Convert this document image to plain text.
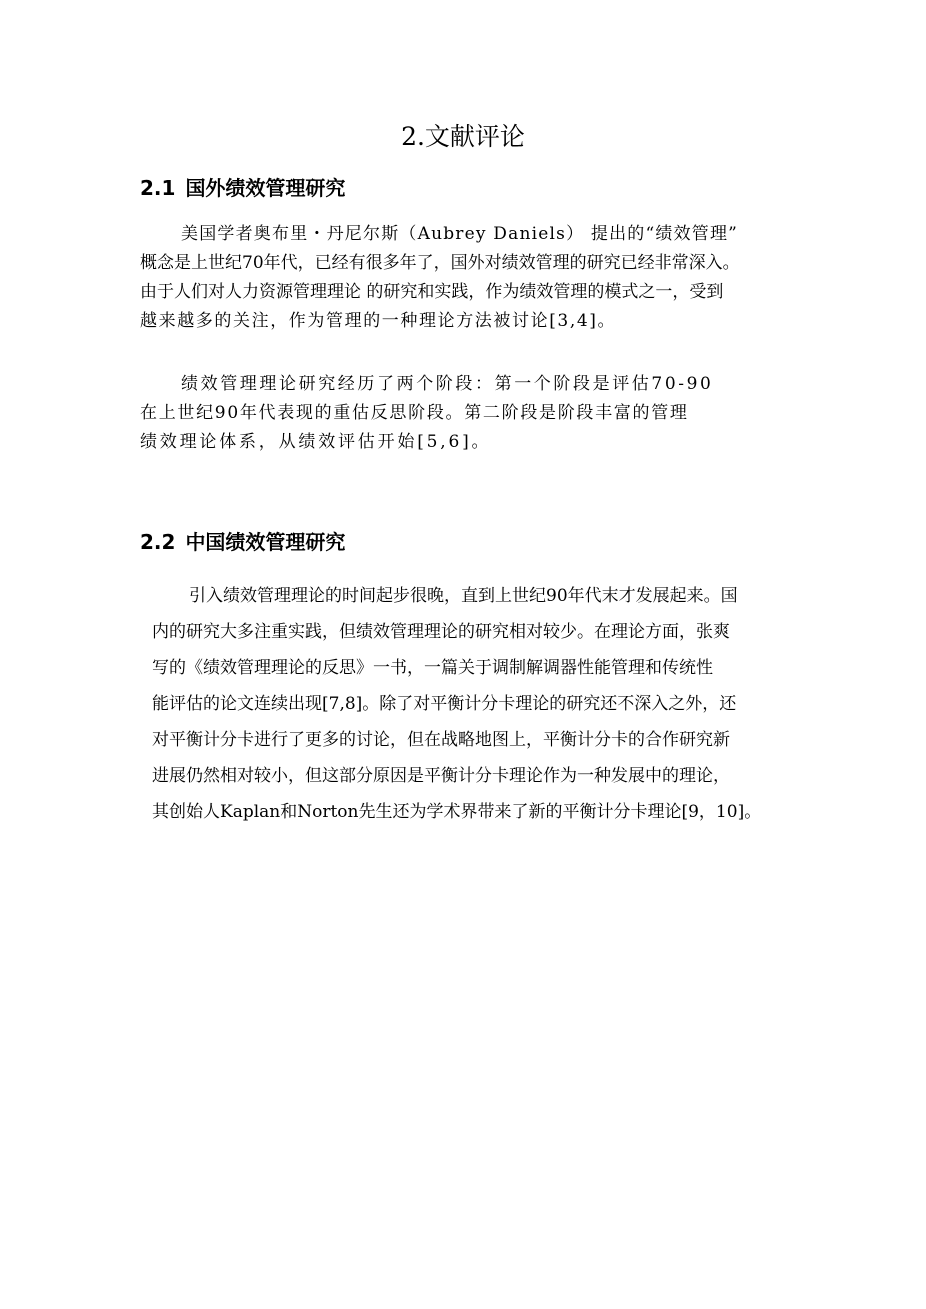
2.文献评论
2.1 国外绩效管理研究

美国学者奥布里・丹尼尔斯（Aubrey Daniels） 提出的“绩效管理”
概念是上世纪70年代，已经有很多年了，国外对绩效管理的研究已经非常深入。
由于人们对人力资源管理理论 的研究和实践，作为绩效管理的模式之一，受到
越来越多的关注，作为管理的一种理论方法被讨论[3,4]。

绩效管理理论研究经历了两个阶段：第一个阶段是评估70-90
在上世纪90年代表现的重估反思阶段。第二阶段是阶段丰富的管理
绩效理论体系，从绩效评估开始[5,6]。

2.2 中国绩效管理研究

引入绩效管理理论的时间起步很晚，直到上世纪90年代末才发展起来。国
内的研究大多注重实践，但绩效管理理论的研究相对较少。在理论方面，张爽
写的《绩效管理理论的反思》一书，一篇关于调制解调器性能管理和传统性
能评估的论文连续出现[7,8]。除了对平衡计分卡理论的研究还不深入之外，还
对平衡计分卡进行了更多的讨论，但在战略地图上，平衡计分卡的合作研究新
进展仍然相对较小，但这部分原因是平衡计分卡理论作为一种发展中的理论，
其创始人Kaplan和Norton先生还为学术界带来了新的平衡计分卡理论[9，10]。
